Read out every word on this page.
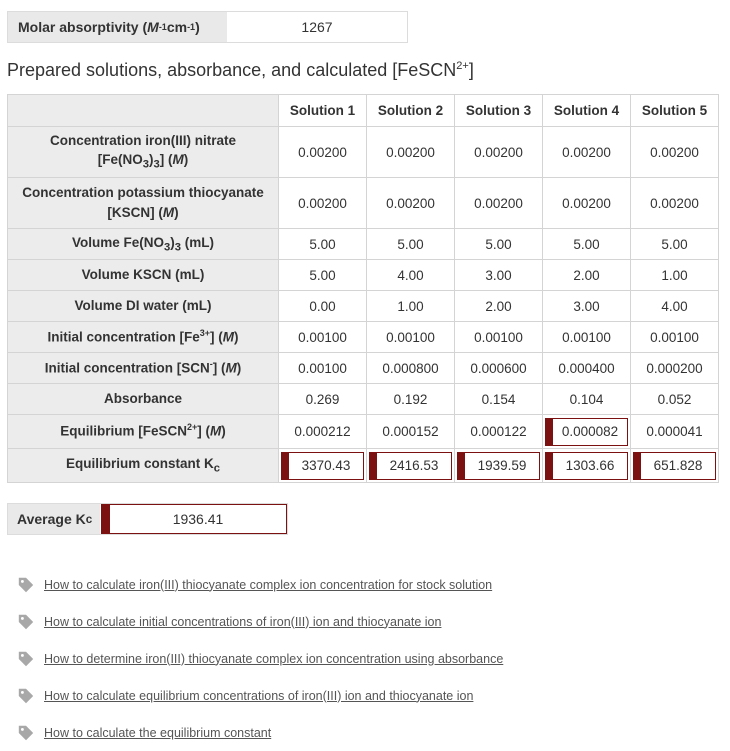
Molar absorptivity ( M -1 cm -1 )	1267
Prepared solutions, absorbance, and calculated [FeSCN$^{2+}$]
	Solution 1	Solution 2	Solution 3	Solution 4	Solution 5
Concentration iron(III) nitrate
$[Fe(NO_3)_3]$ (M)	0.00200	0.00200	0.00200	0.00200	0.00200
Concentration potassium thiocyanate
[KSCN] (M)	0.00200	0.00200	0.00200	0.00200	0.00200
Volume $Fe(NO_3)_3$ (mL)	5.00	5.00	5.00	5.00	5.00
Volume KSCN (mL)	5.00	4.00	3.00	2.00	1.00
Volume DI water (mL)	0.00	1.00	2.00	3.00	4.00
Initial concentration $[Fe^{3+}]$ (M)	0.00100	0.00100	0.00100	0.00100	0.00100
Initial concentration [SCN-] (M)	0.00100	0.000800	0.000600	0.000400	0.000200
Absorbance	0.269	0.192	0.154	0.104	0.052
Equilibrium [FeSCN$^{2+}$] (M)	0.000212	0.000152	0.000122	0.000082	0.000041
Equilibrium constant $K_c$	3370.43	2416.53	1939.59	1303.66	651.828
Average K c	1936.41
How to calculate iron(III) thiocyanate complex ion concentration for stock solution
How to calculate initial concentrations of iron(III) ion and thiocyanate ion
How to determine iron(III) thiocyanate complex ion concentration using absorbance
How to calculate equilibrium concentrations of iron(III) ion and thiocyanate ion
How to calculate the equilibrium constant
